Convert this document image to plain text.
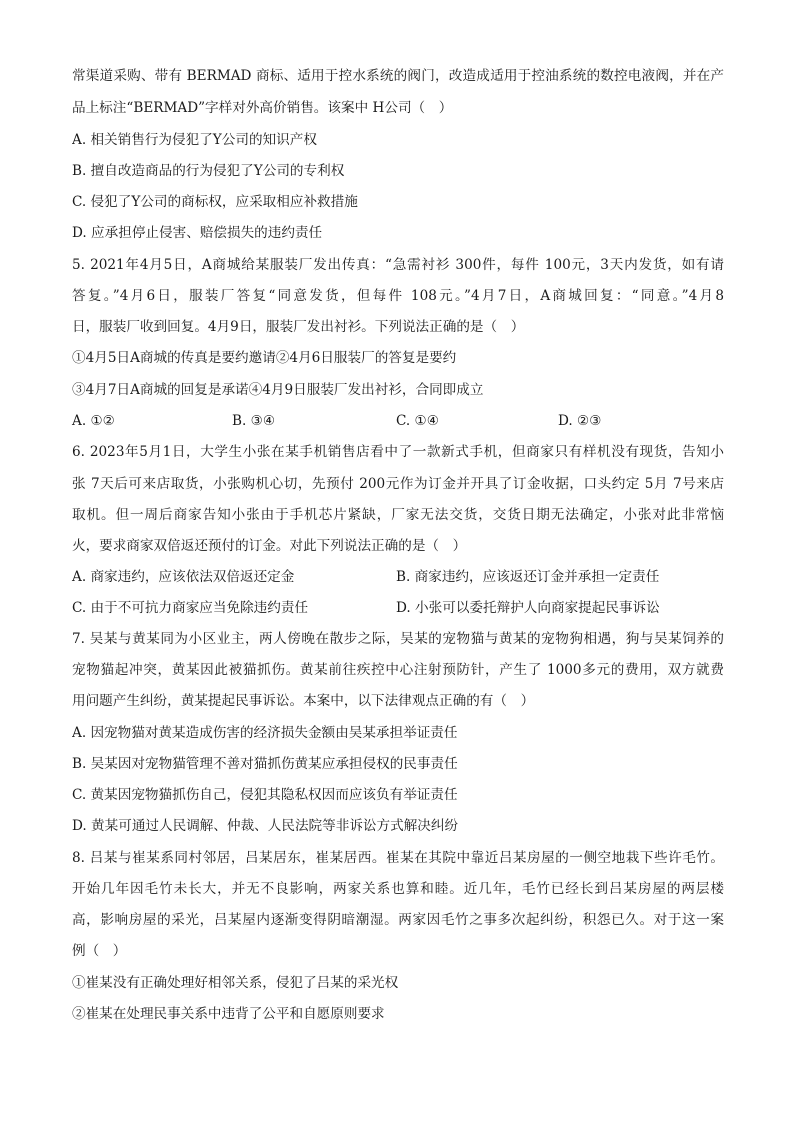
常渠道采购、带有 BERMAD 商标、适用于控水系统的阀门，改造成适用于控油系统的数控电液阀，并在产
品上标注“BERMAD”字样对外高价销售。该案中 H公司（　）
A. 相关销售行为侵犯了Y公司的知识产权
B. 擅自改造商品的行为侵犯了Y公司的专利权
C. 侵犯了Y公司的商标权，应采取相应补救措施
D. 应承担停止侵害、赔偿损失的违约责任
5. 2021年4月5日，A商城给某服装厂发出传真：“急需衬衫 300件，每件 100元，3天内发货，如有请
答复。”4月6日，服装厂答复“同意发货，但每件 108元。”4月7日，A商城回复：“同意。”4月8
日，服装厂收到回复。4月9日，服装厂发出衬衫。下列说法正确的是（　）
①4月5日A商城的传真是要约邀请②4月6日服装厂的答复是要约
③4月7日A商城的回复是承诺④4月9日服装厂发出衬衫，合同即成立
A. ①②	B. ③④	C. ①④	D. ②③
6. 2023年5月1日，大学生小张在某手机销售店看中了一款新式手机，但商家只有样机没有现货，告知小
张 7天后可来店取货，小张购机心切，先预付 200元作为订金并开具了订金收据，口头约定 5月 7号来店
取机。但一周后商家告知小张由于手机芯片紧缺，厂家无法交货，交货日期无法确定，小张对此非常恼
火，要求商家双倍返还预付的订金。对此下列说法正确的是（　）
A. 商家违约，应该依法双倍返还定金	B. 商家违约，应该返还订金并承担一定责任
C. 由于不可抗力商家应当免除违约责任	D. 小张可以委托辩护人向商家提起民事诉讼
7. 吴某与黄某同为小区业主，两人傍晚在散步之际，吴某的宠物猫与黄某的宠物狗相遇，狗与吴某饲养的
宠物猫起冲突，黄某因此被猫抓伤。黄某前往疾控中心注射预防针，产生了 1000多元的费用，双方就费
用问题产生纠纷，黄某提起民事诉讼。本案中，以下法律观点正确的有（　）
A. 因宠物猫对黄某造成伤害的经济损失金额由吴某承担举证责任
B. 吴某因对宠物猫管理不善对猫抓伤黄某应承担侵权的民事责任
C. 黄某因宠物猫抓伤自己，侵犯其隐私权因而应该负有举证责任
D. 黄某可通过人民调解、仲裁、人民法院等非诉讼方式解决纠纷
8. 吕某与崔某系同村邻居，吕某居东，崔某居西。崔某在其院中靠近吕某房屋的一侧空地栽下些许毛竹。
开始几年因毛竹未长大，并无不良影响，两家关系也算和睦。近几年，毛竹已经长到吕某房屋的两层楼
高，影响房屋的采光，吕某屋内逐渐变得阴暗潮湿。两家因毛竹之事多次起纠纷，积怨已久。对于这一案
例（　）
①崔某没有正确处理好相邻关系，侵犯了吕某的采光权
②崔某在处理民事关系中违背了公平和自愿原则要求
